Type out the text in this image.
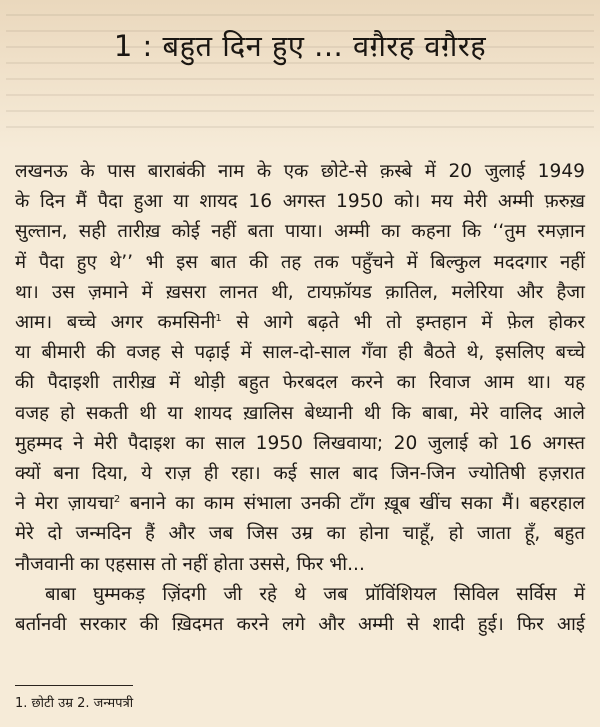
1 : बहुत दिन हुए ... वग़ैरह वग़ैरह
लखनऊ के पास बाराबंकी नाम के एक छोटे-से क़स्बे में 20 जुलाई 1949
के दिन मैं पैदा हुआ या शायद 16 अगस्त 1950 को। मय मेरी अम्मी फ़रुख़
सुल्तान, सही तारीख़ कोई नहीं बता पाया। अम्मी का कहना कि ‘‘तुम रमज़ान
में पैदा हुए थे’’ भी इस बात की तह तक पहुँचने में बिल्कुल मददगार नहीं
था। उस ज़माने में ख़सरा लानत थी, टायफ़ॉयड क़ातिल, मलेरिया और हैजा
आम। बच्चे अगर कमसिनी$^1$ से आगे बढ़ते भी तो इम्तहान में फ़ेल होकर
या बीमारी की वजह से पढ़ाई में साल-दो-साल गँवा ही बैठते थे, इसलिए बच्चे
की पैदाइशी तारीख़ में थोड़ी बहुत फेरबदल करने का रिवाज आम था। यह
वजह हो सकती थी या शायद ख़ालिस बेध्यानी थी कि बाबा, मेरे वालिद आले
मुहम्मद ने मेरी पैदाइश का साल 1950 लिखवाया; 20 जुलाई को 16 अगस्त
क्यों बना दिया, ये राज़ ही रहा। कई साल बाद जिन-जिन ज्योतिषी हज़रात
ने मेरा ज़ायचा$^2$ बनाने का काम संभाला उनकी टाँग ख़ूब खींच सका मैं। बहरहाल
मेरे दो जन्मदिन हैं और जब जिस उम्र का होना चाहूँ, हो जाता हूँ, बहुत
नौजवानी का एहसास तो नहीं होता उससे, फिर भी...
बाबा घुम्मकड़ ज़िंदगी जी रहे थे जब प्रॉविंशियल सिविल सर्विस में
बर्तानवी सरकार की ख़िदमत करने लगे और अम्मी से शादी हुई। फिर आई
1. छोटी उम्र 2. जन्मपत्री
